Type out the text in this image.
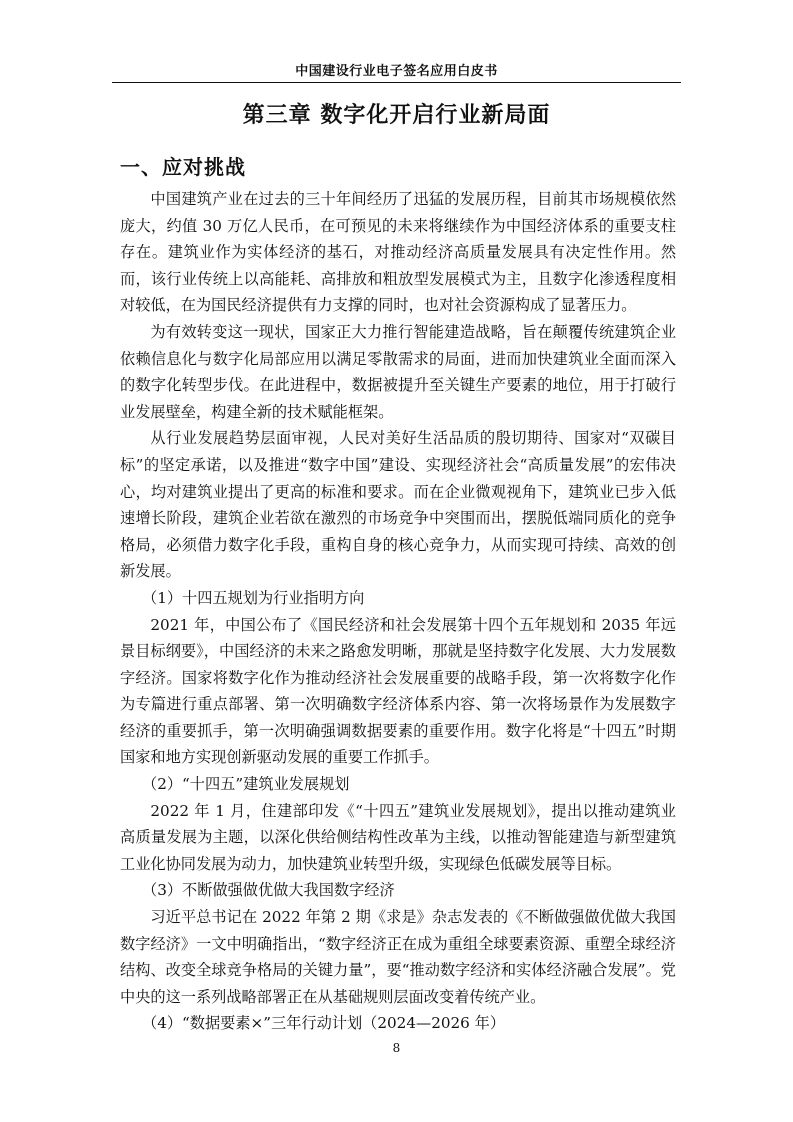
中国建设行业电子签名应用白皮书
第三章 数字化开启行业新局面
一、应对挑战

中国建筑产业在过去的三十年间经历了迅猛的发展历程，目前其市场规模依然庞大，约值 30 万亿人民币，在可预见的未来将继续作为中国经济体系的重要支柱存在。建筑业作为实体经济的基石，对推动经济高质量发展具有决定性作用。然而，该行业传统上以高能耗、高排放和粗放型发展模式为主，且数字化渗透程度相对较低，在为国民经济提供有力支撑的同时，也对社会资源构成了显著压力。

为有效转变这一现状，国家正大力推行智能建造战略，旨在颠覆传统建筑企业依赖信息化与数字化局部应用以满足零散需求的局面，进而加快建筑业全面而深入的数字化转型步伐。在此进程中，数据被提升至关键生产要素的地位，用于打破行业发展壁垒，构建全新的技术赋能框架。

从行业发展趋势层面审视，人民对美好生活品质的殷切期待、国家对“双碳目标”的坚定承诺，以及推进“数字中国”建设、实现经济社会“高质量发展”的宏伟决心，均对建筑业提出了更高的标准和要求。而在企业微观视角下，建筑业已步入低速增长阶段，建筑企业若欲在激烈的市场竞争中突围而出，摆脱低端同质化的竞争格局，必须借力数字化手段，重构自身的核心竞争力，从而实现可持续、高效的创新发展。

（1）十四五规划为行业指明方向

2021 年，中国公布了《国民经济和社会发展第十四个五年规划和 2035 年远景目标纲要》，中国经济的未来之路愈发明晰，那就是坚持数字化发展、大力发展数字经济。国家将数字化作为推动经济社会发展重要的战略手段，第一次将数字化作为专篇进行重点部署、第一次明确数字经济体系内容、第一次将场景作为发展数字经济的重要抓手，第一次明确强调数据要素的重要作用。数字化将是“十四五”时期国家和地方实现创新驱动发展的重要工作抓手。

（2）“十四五”建筑业发展规划

2022 年 1 月，住建部印发《“十四五”建筑业发展规划》，提出以推动建筑业高质量发展为主题，以深化供给侧结构性改革为主线，以推动智能建造与新型建筑工业化协同发展为动力，加快建筑业转型升级，实现绿色低碳发展等目标。

（3）不断做强做优做大我国数字经济

习近平总书记在 2022 年第 2 期《求是》杂志发表的《不断做强做优做大我国数字经济》一文中明确指出，“数字经济正在成为重组全球要素资源、重塑全球经济结构、改变全球竞争格局的关键力量”，要“推动数字经济和实体经济融合发展”。党中央的这一系列战略部署正在从基础规则层面改变着传统产业。

（4）“数据要素×”三年行动计划（2024—2026 年）

8
